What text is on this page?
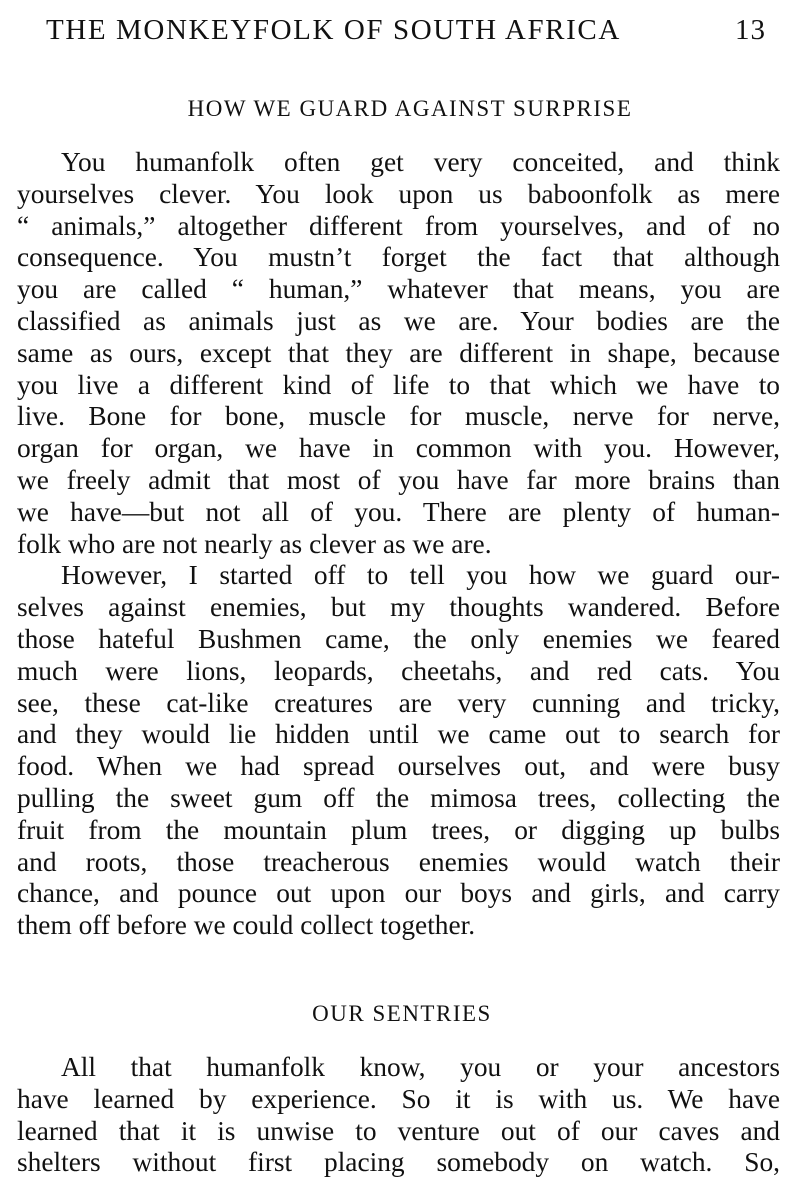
THE MONKEYFOLK OF SOUTH AFRICA	13
HOW WE GUARD AGAINST SURPRISE
You humanfolk often get very conceited, and think
yourselves clever. You look upon us baboonfolk as mere
“ animals,” altogether different from yourselves, and of no
consequence. You mustn’t forget the fact that although
you are called “ human,” whatever that means, you are
classified as animals just as we are. Your bodies are the
same as ours, except that they are different in shape, because
you live a different kind of life to that which we have to
live. Bone for bone, muscle for muscle, nerve for nerve,
organ for organ, we have in common with you. However,
we freely admit that most of you have far more brains than
we have—but not all of you. There are plenty of human-
folk who are not nearly as clever as we are.
However, I started off to tell you how we guard our-
selves against enemies, but my thoughts wandered. Before
those hateful Bushmen came, the only enemies we feared
much were lions, leopards, cheetahs, and red cats. You
see, these cat-like creatures are very cunning and tricky,
and they would lie hidden until we came out to search for
food. When we had spread ourselves out, and were busy
pulling the sweet gum off the mimosa trees, collecting the
fruit from the mountain plum trees, or digging up bulbs
and roots, those treacherous enemies would watch their
chance, and pounce out upon our boys and girls, and carry
them off before we could collect together.
OUR SENTRIES
All that humanfolk know, you or your ancestors
have learned by experience. So it is with us. We have
learned that it is unwise to venture out of our caves and
shelters without first placing somebody on watch. So,
